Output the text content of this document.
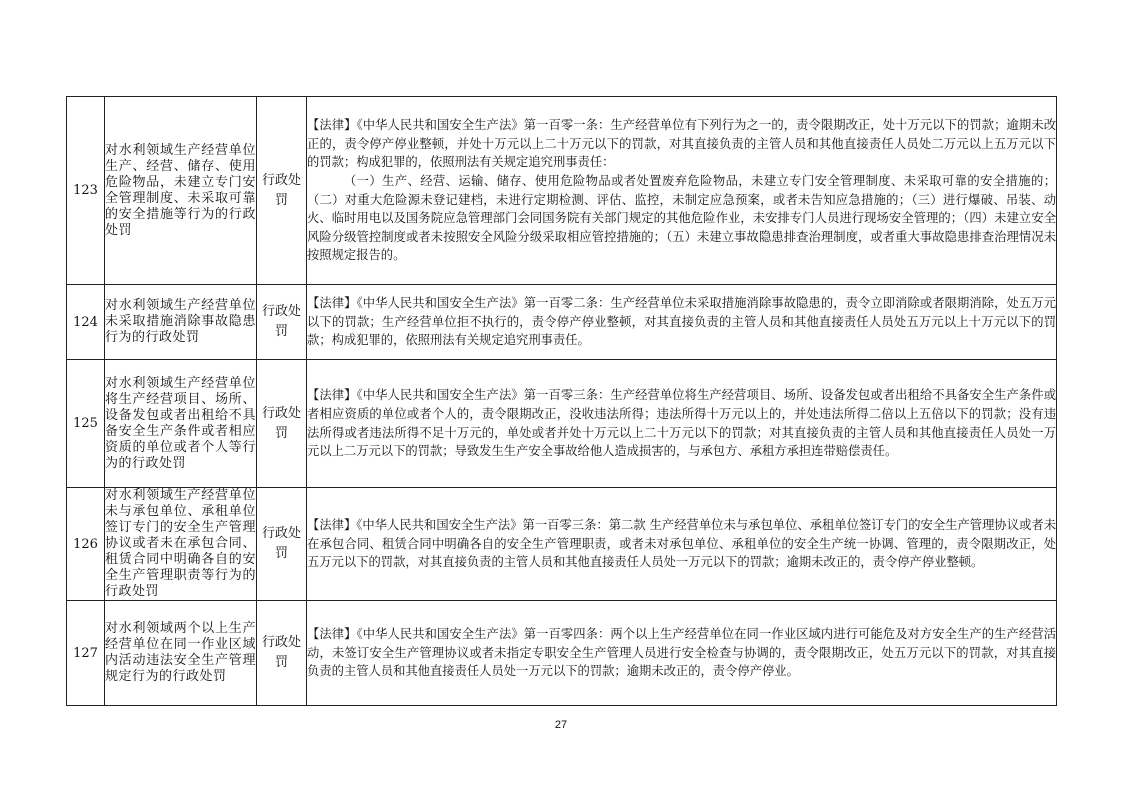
123	对水利领域生产经营单位生产、经营、储存、使用危险物品，未建立专门安全管理制度、未采取可靠的安全措施等行为的行政处罚	行政处罚	【法律】《中华人民共和国安全生产法》第一百零一条：生产经营单位有下列行为之一的，责令限期改正，处十万元以下的罚款；逾期未改正的，责令停产停业整顿，并处十万元以上二十万元以下的罚款，对其直接负责的主管人员和其他直接责任人员处二万元以上五万元以下的罚款；构成犯罪的，依照刑法有关规定追究刑事责任：

（一）生产、经营、运输、储存、使用危险物品或者处置废弃危险物品，未建立专门安全管理制度、未采取可靠的安全措施的；（二）对重大危险源未登记建档，未进行定期检测、评估、监控，未制定应急预案，或者未告知应急措施的；（三）进行爆破、吊装、动火、临时用电以及国务院应急管理部门会同国务院有关部门规定的其他危险作业，未安排专门人员进行现场安全管理的；（四）未建立安全风险分级管控制度或者未按照安全风险分级采取相应管控措施的；（五）未建立事故隐患排查治理制度，或者重大事故隐患排查治理情况未按照规定报告的。

124	对水利领域生产经营单位未采取措施消除事故隐患行为的行政处罚	行政处罚	【法律】《中华人民共和国安全生产法》第一百零二条：生产经营单位未采取措施消除事故隐患的，责令立即消除或者限期消除，处五万元以下的罚款；生产经营单位拒不执行的，责令停产停业整顿，对其直接负责的主管人员和其他直接责任人员处五万元以上十万元以下的罚款；构成犯罪的，依照刑法有关规定追究刑事责任。

125	对水利领域生产经营单位将生产经营项目、场所、设备发包或者出租给不具备安全生产条件或者相应资质的单位或者个人等行为的行政处罚	行政处罚	【法律】《中华人民共和国安全生产法》第一百零三条：生产经营单位将生产经营项目、场所、设备发包或者出租给不具备安全生产条件或者相应资质的单位或者个人的，责令限期改正，没收违法所得；违法所得十万元以上的，并处违法所得二倍以上五倍以下的罚款；没有违法所得或者违法所得不足十万元的，单处或者并处十万元以上二十万元以下的罚款；对其直接负责的主管人员和其他直接责任人员处一万元以上二万元以下的罚款；导致发生生产安全事故给他人造成损害的，与承包方、承租方承担连带赔偿责任。

126	对水利领域生产经营单位未与承包单位、承租单位签订专门的安全生产管理协议或者未在承包合同、租赁合同中明确各自的安全生产管理职责等行为的行政处罚	行政处罚	【法律】《中华人民共和国安全生产法》第一百零三条：第二款 生产经营单位未与承包单位、承租单位签订专门的安全生产管理协议或者未在承包合同、租赁合同中明确各自的安全生产管理职责，或者未对承包单位、承租单位的安全生产统一协调、管理的，责令限期改正，处五万元以下的罚款，对其直接负责的主管人员和其他直接责任人员处一万元以下的罚款；逾期未改正的，责令停产停业整顿。

127	对水利领域两个以上生产经营单位在同一作业区域内活动违法安全生产管理规定行为的行政处罚	行政处罚	【法律】《中华人民共和国安全生产法》第一百零四条：两个以上生产经营单位在同一作业区域内进行可能危及对方安全生产的生产经营活动，未签订安全生产管理协议或者未指定专职安全生产管理人员进行安全检查与协调的，责令限期改正，处五万元以下的罚款，对其直接负责的主管人员和其他直接责任人员处一万元以下的罚款；逾期未改正的，责令停产停业。

27
